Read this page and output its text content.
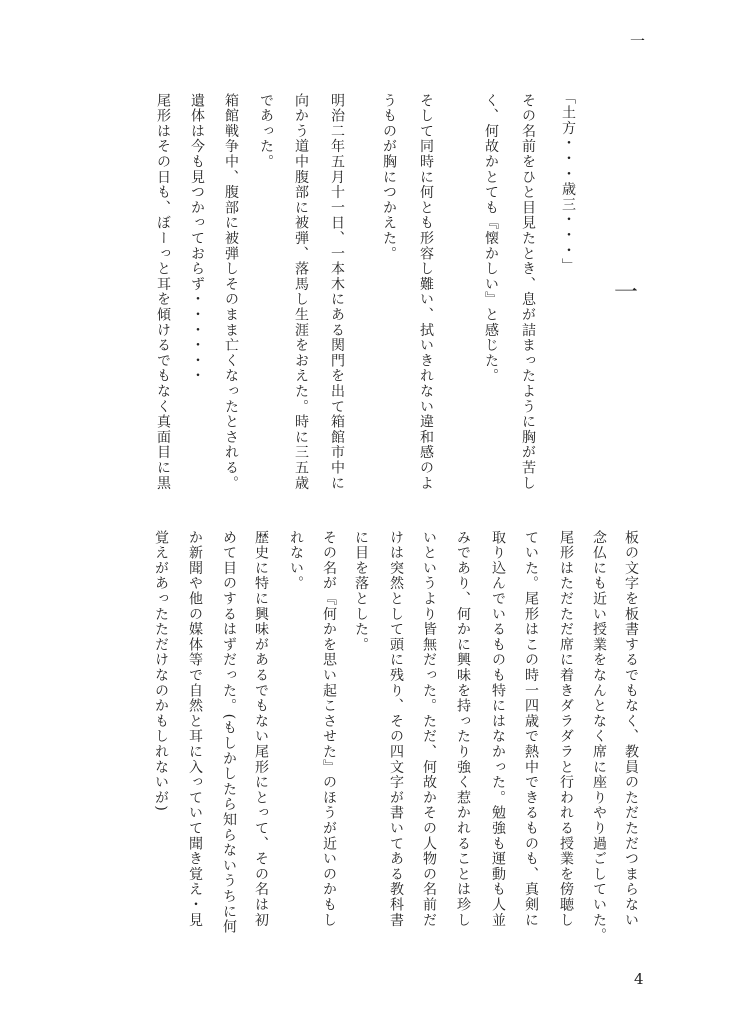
一
一
「土方・・・歳三・・・」
その名前をひと目見たとき、息が詰まったように胸が苦し
く、何故かとても『懐かしい』と感じた。
そして同時に何とも形容し難い、拭いきれない違和感のよ
うものが胸につかえた。
明治二年五月十一日、一本木にある関門を出て箱館市中に
向かう道中腹部に被弾、落馬し生涯をおえた。時に三五歳
であった。
箱館戦争中、腹部に被弾しそのまま亡くなったとされる。
遺体は今も見つかっておらず・・・・・・
尾形はその日も、ぼーっと耳を傾けるでもなく真面目に黒
板の文字を板書するでもなく、教員のただただつまらない
念仏にも近い授業をなんとなく席に座りやり過ごしていた。
尾形はただただ席に着きダラダラと行われる授業を傍聴し
ていた。尾形はこの時一四歳で熱中できるものも、真剣に
取り込んでいるものも特にはなかった。勉強も運動も人並
みであり、何かに興味を持ったり強く惹かれることは珍し
いというより皆無だった。ただ、何故かその人物の名前だ
けは突然として頭に残り、その四文字が書いてある教科書
に目を落とした。
その名が『何かを思い起こさせた』のほうが近いのかもし
れない。
歴史に特に興味があるでもない尾形にとって、その名は初
めて目のするはずだった。(もしかしたら知らないうちに何
か新聞や他の媒体等で自然と耳に入っていて聞き覚え・見
覚えがあったただけなのかもしれないが)
4
